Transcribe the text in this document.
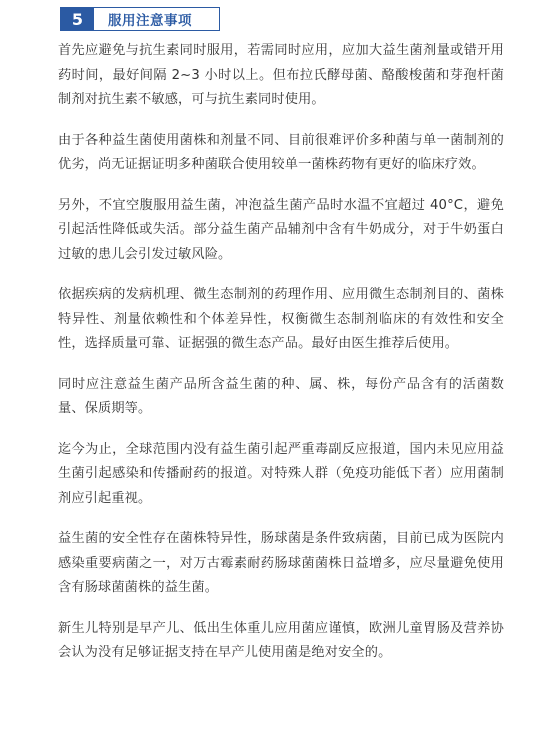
5	服用注意事项

首先应避免与抗生素同时服用，若需同时应用，应加大益生菌剂量或错开用药时间，最好间隔 2~3 小时以上。但布拉氏酵母菌、酪酸梭菌和芽孢杆菌制剂对抗生素不敏感，可与抗生素同时使用。

由于各种益生菌使用菌株和剂量不同、目前很难评价多种菌与单一菌制剂的优劣，尚无证据证明多种菌联合使用较单一菌株药物有更好的临床疗效。

另外，不宜空腹服用益生菌，冲泡益生菌产品时水温不宜超过 40°C，避免引起活性降低或失活。部分益生菌产品辅剂中含有牛奶成分，对于牛奶蛋白过敏的患儿会引发过敏风险。

依据疾病的发病机理、微生态制剂的药理作用、应用微生态制剂目的、菌株特异性、剂量依赖性和个体差异性，权衡微生态制剂临床的有效性和安全性，选择质量可靠、证据强的微生态产品。最好由医生推荐后使用。

同时应注意益生菌产品所含益生菌的种、属、株，每份产品含有的活菌数量、保质期等。

迄今为止，全球范围内没有益生菌引起严重毒副反应报道，国内未见应用益生菌引起感染和传播耐药的报道。对特殊人群（免疫功能低下者）应用菌制剂应引起重视。

益生菌的安全性存在菌株特异性，肠球菌是条件致病菌，目前已成为医院内感染重要病菌之一，对万古霉素耐药肠球菌菌株日益增多，应尽量避免使用含有肠球菌菌株的益生菌。

新生儿特别是早产儿、低出生体重儿应用菌应谨慎，欧洲儿童胃肠及营养协会认为没有足够证据支持在早产儿使用菌是绝对安全的。
